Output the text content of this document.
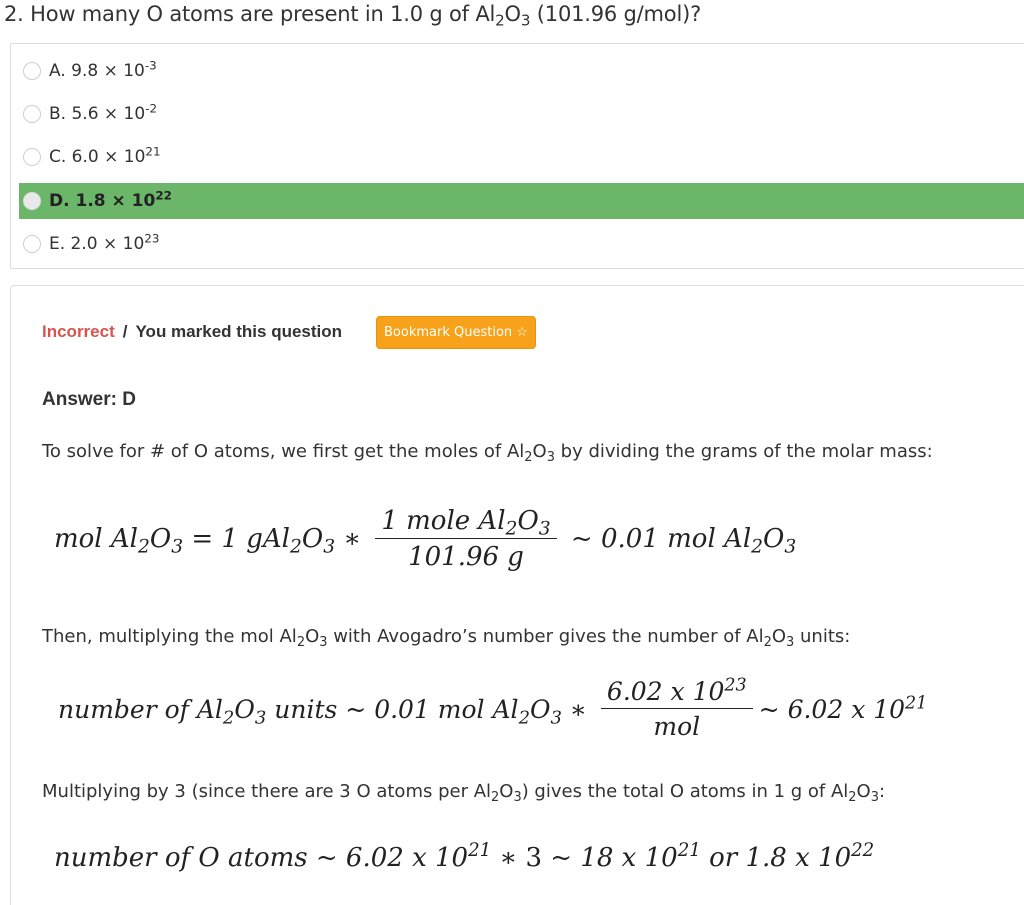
2. How many O atoms are present in 1.0 g of $Al_2O_3$ (101.96 g/mol)?
A. $9.8 \times 10^{-3}$
B. $5.6 \times 10^{-2}$
C. $6.0 \times 10^{21}$
D. $1.8 \times 10^{22}$
E. $2.0 \times 10^{23}$
Incorrect / You marked this question	Bookmark Question ☆
Answer: D
To solve for # of O atoms, we first get the moles of $Al_2O_3$ by dividing the grams of the molar mass:
mol $Al_2O_3 = 1$ $gAl_2O_3$ ∗ $\frac{1 mole Al_2O_3}{101.96 g}$ ~ 0.01 mol $Al_2O_3$
Then, multiplying the mol $Al_2O_3$ with Avogadro’s number gives the number of $Al_2O_3$ units:
number of $Al_2O_3$ units ~ 0.01 mol $Al_2O_3$ ∗ $\frac{6.02 x 10^{23}}{\text{mol}}$ ~ 6.02 x $10^{21}$
Multiplying by 3 (since there are 3 O atoms per $Al_2O_3$) gives the total O atoms in 1 g of $Al_2O_3$:
number of O atoms ~ 6.02 x $10^{21}$ ∗ 3 ~ 18 x $10^{21}$ or 1.8 x $10^{22}$
